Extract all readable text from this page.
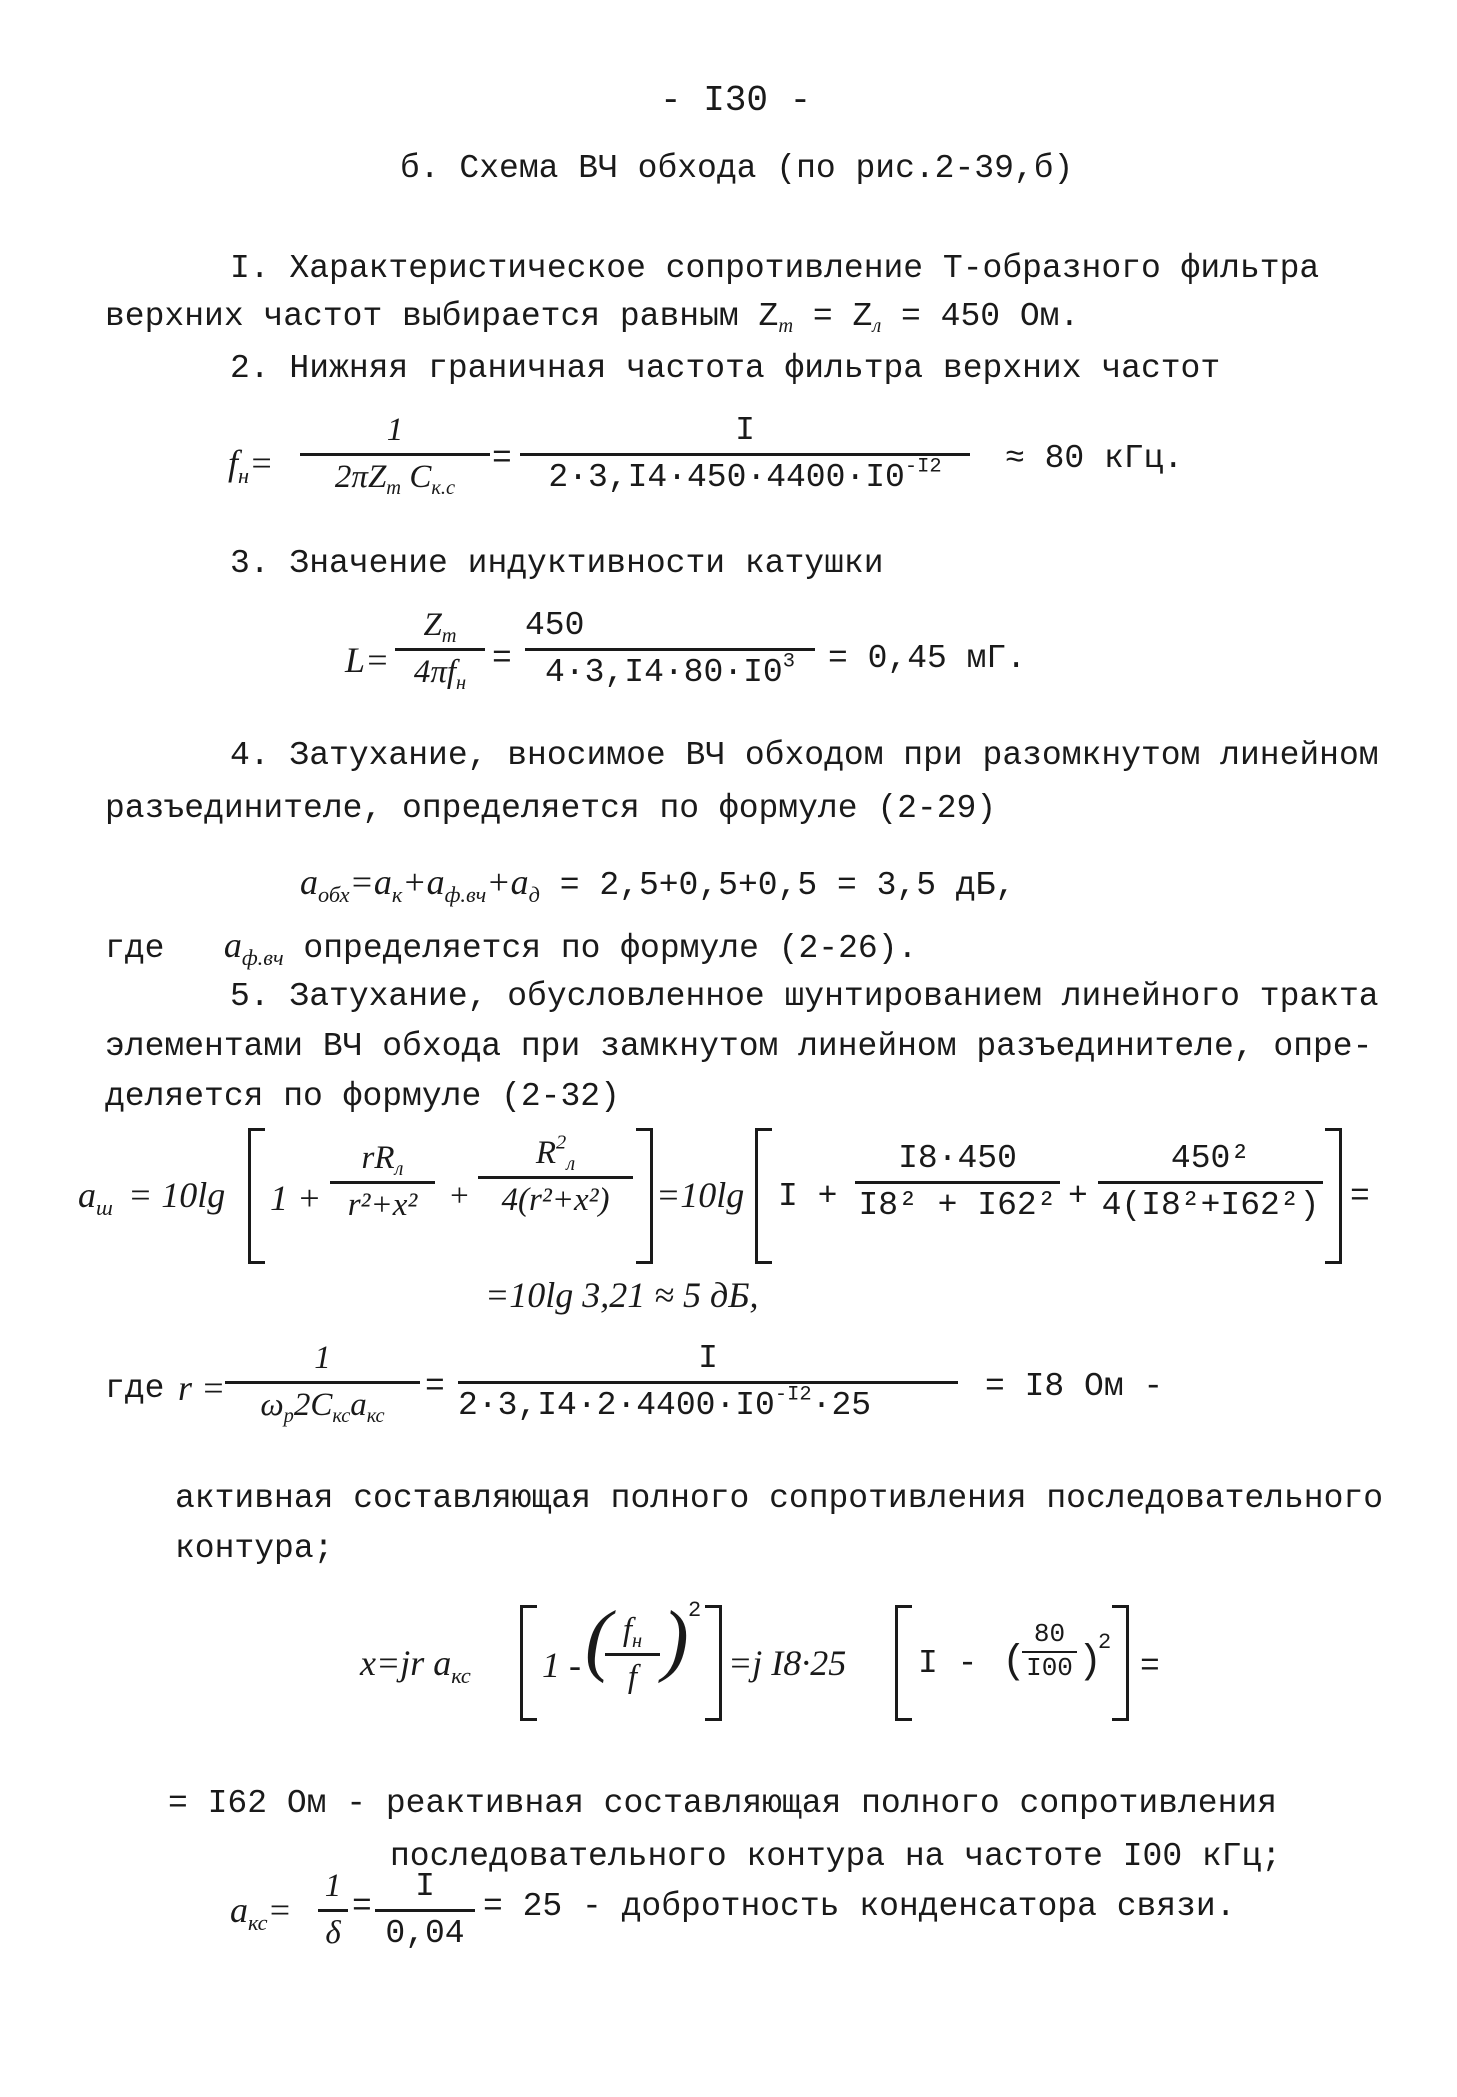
- I30 -
б. Схема ВЧ обхода (по рис.2-39,б)
I. Характеристическое сопротивление Т-образного фильтра
верхних частот выбирается равным $Z_т = Z_л = 450$ Ом.
2. Нижняя граничная частота фильтра верхних частот
$f_н=$
1
$2\pi Z_т$ $C_{к.с}$
=
I
$2\cdot 3,I4\cdot 450\cdot 4400\cdot I0^{-I2}$	≈ 80 кГц.
3. Значение индуктивности катушки
L=
$Z_т$
$4\pi f_н$
=
450
$4\cdot 3,I4\cdot 80\cdot I0^3$	= 0,45 мГ.
4. Затухание, вносимое ВЧ обходом при разомкнутом линейном
разъединителе, определяется по формуле (2-29)
$a_{обх}=a_к+a_{ф.вч}+a_д = 2,5+0,5+0,5 = 3,5$ дБ,
где $a_{ф.вч}$ определяется по формуле (2-26).
5. Затухание, обусловленное шунтированием линейного тракта
элементами ВЧ обхода при замкнутом линейном разъединителе, опре-
деляется по формуле (2-32)
$a_ш = 10\lg$ 1 +
$rR_л$
r²+x² +
$R^2_л$
4(r²+x²)	=10lg I +
I8·450
I8² + I62² +
450²
4(I8²+I62²) =
=10lg 3,21 ≈ 5 дБ,
где r =
1
$\omega_р2C_{кс}a_{кс}$
=
I
$2\cdot 3,I4\cdot 2\cdot 4400\cdot I0^{-I2}\cdot 25$
= I8 Ом -
активная составляющая полного сопротивления последовательного
контура;
x=jr $a_{кс}$ 1 - ( $f_н$
f ) 2
=j I8·25 I - (
80
I00 )
2
=
= I62 Ом - реактивная составляющая полного сопротивления
последовательного контура на частоте I00 кГц;
$a_{кс}=$
1
δ
=
I
0,04
= 25 - добротность конденсатора связи.
